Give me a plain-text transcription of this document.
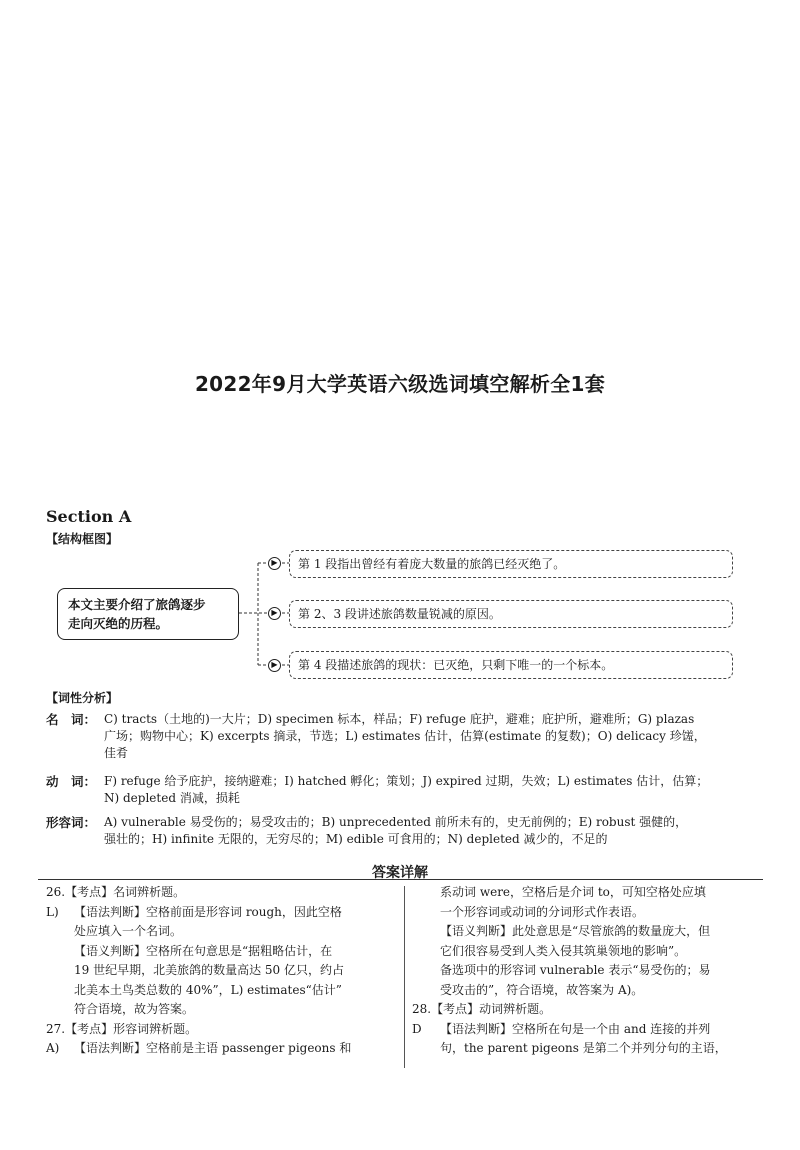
2022年9月大学英语六级选词填空解析全1套
Section A
【结构框图】
▶
▶
▶
本文主要介绍了旅鸽逐步
走向灭绝的历程。
第 1 段指出曾经有着庞大数量的旅鸽已经灭绝了。
第 2、3 段讲述旅鸽数量锐减的原因。
第 4 段描述旅鸽的现状：已灭绝，只剩下唯一的一个标本。
【词性分析】
名　词： C) tracts（土地的)一大片；D) specimen 标本，样品；F) refuge 庇护，避难；庇护所，避难所；G) plazas
广场；购物中心；K) excerpts 摘录，节选；L) estimates 估计，估算(estimate 的复数)；O) delicacy 珍馐，
佳肴
动　词： F) refuge 给予庇护，接纳避难；I) hatched 孵化；策划；J) expired 过期，失效；L) estimates 估计，估算；
N) depleted 消减，损耗
形容词： A) vulnerable 易受伤的；易受攻击的；B) unprecedented 前所未有的，史无前例的；E) robust 强健的，
强壮的；H) infinite 无限的，无穷尽的；M) edible 可食用的；N) depleted 减少的，不足的
答案详解
26.【考点】名词辨析题。
L) 【语法判断】空格前面是形容词 rough，因此空格
处应填入一个名词。
【语义判断】空格所在句意思是“据粗略估计，在
19 世纪早期，北美旅鸽的数量高达 50 亿只，约占
北美本土鸟类总数的 40%”，L) estimates“估计”
符合语境，故为答案。
27.【考点】形容词辨析题。
A) 【语法判断】空格前是主语 passenger pigeons 和
系动词 were，空格后是介词 to，可知空格处应填
一个形容词或动词的分词形式作表语。
【语义判断】此处意思是“尽管旅鸽的数量庞大，但
它们很容易受到人类入侵其筑巢领地的影响”。
备选项中的形容词 vulnerable 表示“易受伤的；易
受攻击的”，符合语境，故答案为 A)。
28.【考点】动词辨析题。
D 【语法判断】空格所在句是一个由 and 连接的并列
句，the parent pigeons 是第二个并列分句的主语，
